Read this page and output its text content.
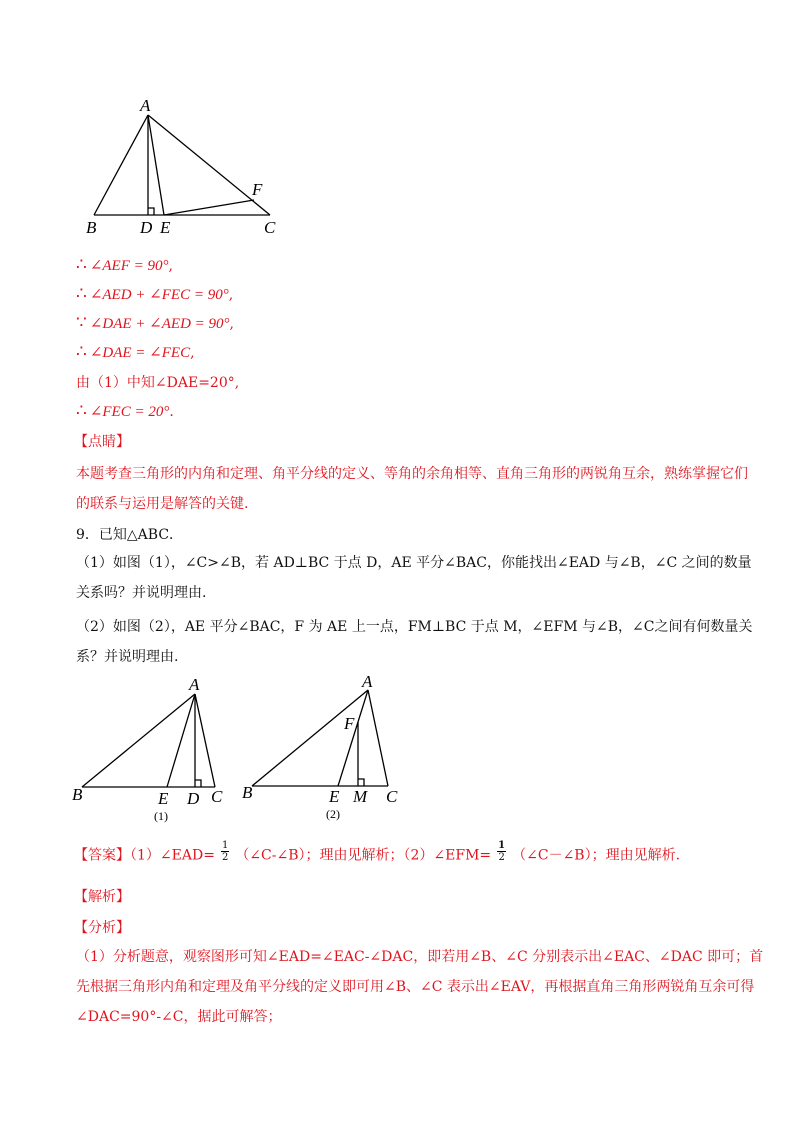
A
B	D E
F
C
∴ ∠AEF = 90°,
∴ ∠AED + ∠FEC = 90°,
∵ ∠DAE + ∠AED = 90°,
∴ ∠DAE = ∠FEC,
由（1）中知∠DAE=20°,
∴ ∠FEC = 20°.
【点睛】
本题考查三角形的内角和定理、角平分线的定义、等角的余角相等、直角三角形的两锐角互余，熟练掌握它们的联系与运用是解答的关键.
9．已知△ABC．
（1）如图（1），∠C>∠B，若 AD⊥BC 于点 D，AE 平分∠BAC，你能找出∠EAD 与∠B，∠C 之间的数量关系吗？并说明理由.
（2）如图（2），AE 平分∠BAC，F 为 AE 上一点，FM⊥BC 于点 M，∠EFM 与∠B，∠C之间有何数量关系？并说明理由.
A
B	E D C
(1)
A
F
B	E M C
(2)
【答案】（1）∠EAD= $\frac{1}{2}$ （∠C-∠B）；理由见解析；（2）∠EFM= $\frac{1}{2}$ （∠C－∠B）；理由见解析.
【解析】
【分析】
（1）分析题意，观察图形可知∠EAD=∠EAC-∠DAC，即若用∠B、∠C 分别表示出∠EAC、∠DAC 即可；首先根据三角形内角和定理及角平分线的定义即可用∠B、∠C 表示出∠EAV，再根据直角三角形两锐角互余可得∠DAC=90°-∠C，据此可解答；
